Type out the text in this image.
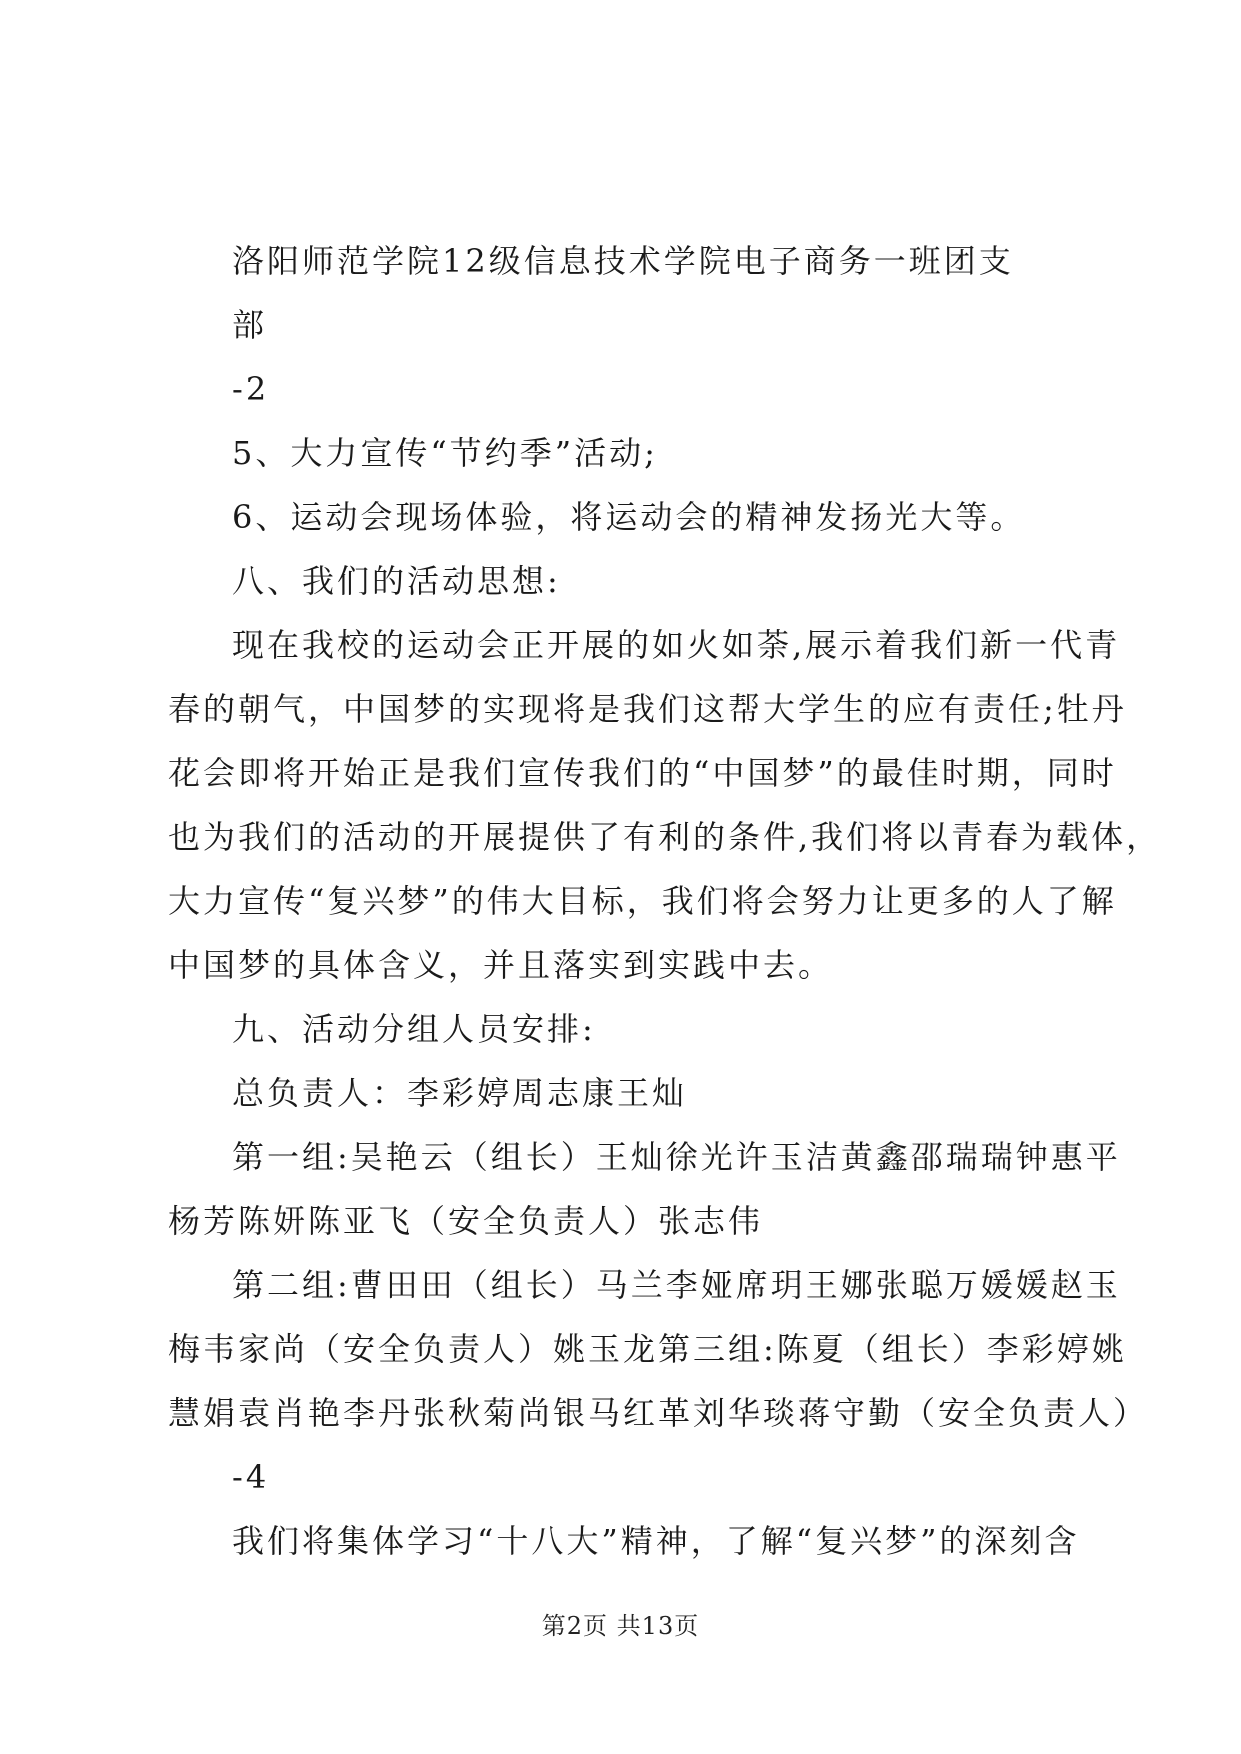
洛阳师范学院12级信息技术学院电子商务一班团支
部
-2
5、大力宣传“节约季”活动;
6、运动会现场体验，将运动会的精神发扬光大等。
八、我们的活动思想:
现在我校的运动会正开展的如火如荼,展示着我们新一代青
春的朝气，中国梦的实现将是我们这帮大学生的应有责任;牡丹
花会即将开始正是我们宣传我们的“中国梦”的最佳时期，同时
也为我们的活动的开展提供了有利的条件,我们将以青春为载体，
大力宣传“复兴梦”的伟大目标，我们将会努力让更多的人了解
中国梦的具体含义，并且落实到实践中去。
九、活动分组人员安排:
总负责人：李彩婷周志康王灿
第一组:吴艳云（组长）王灿徐光许玉洁黄鑫邵瑞瑞钟惠平
杨芳陈妍陈亚飞（安全负责人）张志伟
第二组:曹田田（组长）马兰李娅席玥王娜张聪万媛媛赵玉
梅韦家尚（安全负责人）姚玉龙第三组:陈夏（组长）李彩婷姚
慧娟袁肖艳李丹张秋菊尚银马红革刘华琰蒋守勤（安全负责人）
-4
我们将集体学习“十八大”精神，了解“复兴梦”的深刻含
第2页 共13页
